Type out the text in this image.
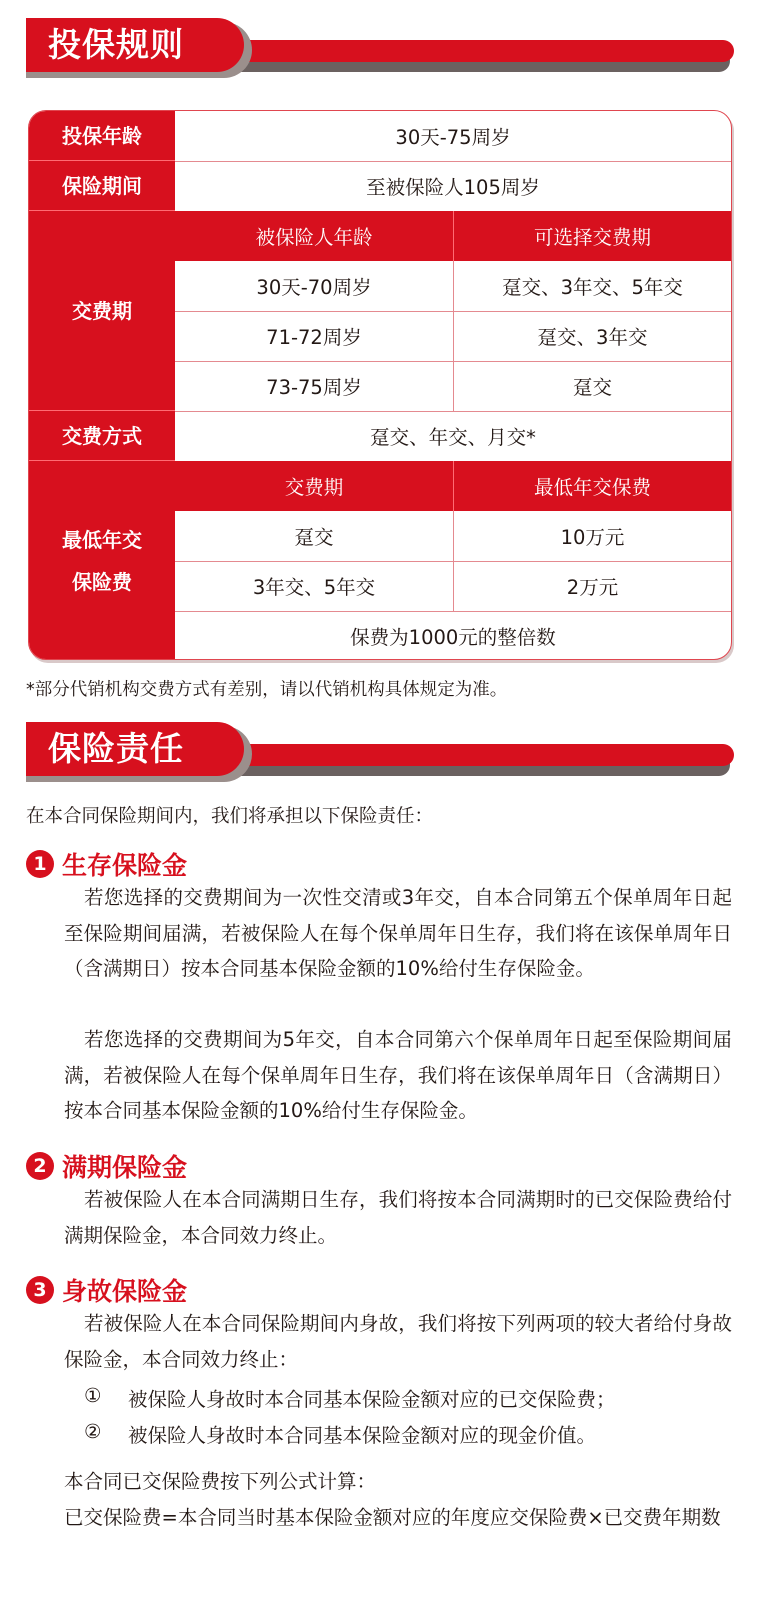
投保规则
投保年龄	30天-75周岁
保险期间	至被保险人105周岁
交费期
被保险人年龄	可选择交费期
30天-70周岁	趸交、3年交、5年交
71-72周岁	趸交、3年交
73-75周岁	趸交
交费方式	趸交、年交、月交*
最低年交
保险费
交费期	最低年交保费
趸交	10万元
3年交、5年交	2万元
保费为1000元的整倍数
*部分代销机构交费方式有差别，请以代销机构具体规定为准。
保险责任
在本合同保险期间内，我们将承担以下保险责任：
1 生存保险金
若您选择的交费期间为一次性交清或3年交，自本合同第五个保单周年日起至保险期间届满，若被保险人在每个保单周年日生存，我们将在该保单周年日（含满期日）按本合同基本保险金额的10%给付生存保险金。
若您选择的交费期间为5年交，自本合同第六个保单周年日起至保险期间届满，若被保险人在每个保单周年日生存，我们将在该保单周年日（含满期日）按本合同基本保险金额的10%给付生存保险金。
2 满期保险金
若被保险人在本合同满期日生存，我们将按本合同满期时的已交保险费给付满期保险金，本合同效力终止。
3 身故保险金
若被保险人在本合同保险期间内身故，我们将按下列两项的较大者给付身故保险金，本合同效力终止：
①	被保险人身故时本合同基本保险金额对应的已交保险费；
②	被保险人身故时本合同基本保险金额对应的现金价值。
本合同已交保险费按下列公式计算：
已交保险费=本合同当时基本保险金额对应的年度应交保险费×已交费年期数
